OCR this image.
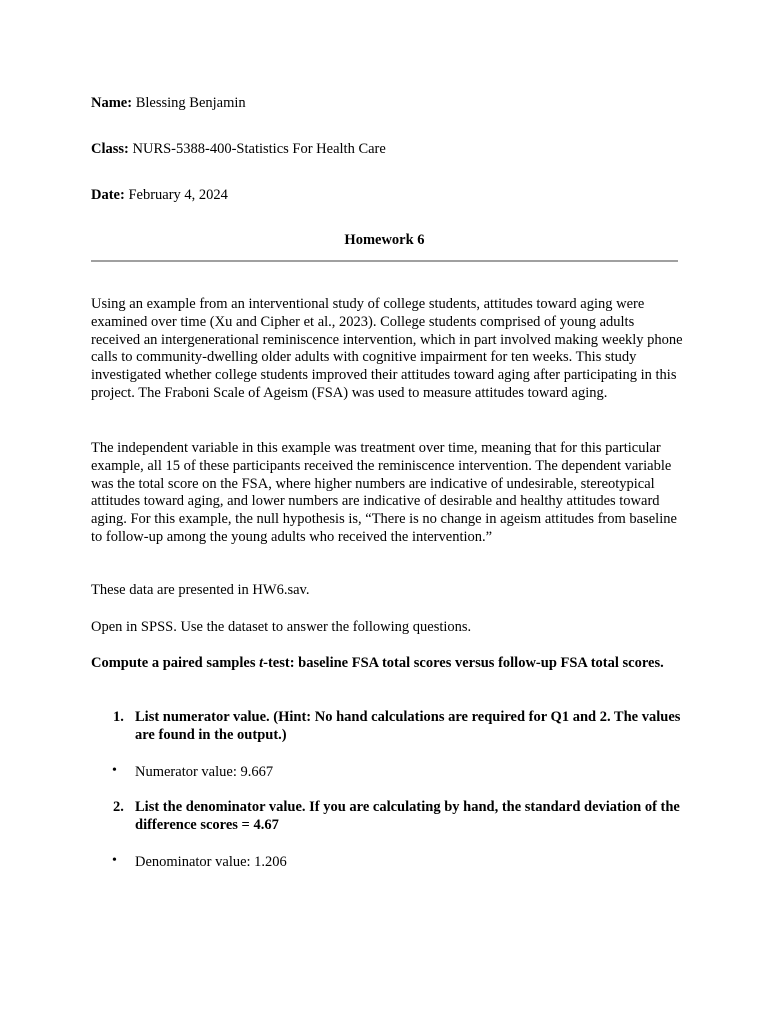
Name: Blessing Benjamin
Class: NURS-5388-400-Statistics For Health Care
Date: February 4, 2024
Homework 6

Using an example from an interventional study of college students, attitudes toward aging were examined over time (Xu and Cipher et al., 2023). College students comprised of young adults received an intergenerational reminiscence intervention, which in part involved making weekly phone calls to community-dwelling older adults with cognitive impairment for ten weeks. This study investigated whether college students improved their attitudes toward aging after participating in this project. The Fraboni Scale of Ageism (FSA) was used to measure attitudes toward aging.

The independent variable in this example was treatment over time, meaning that for this particular example, all 15 of these participants received the reminiscence intervention. The dependent variable was the total score on the FSA, where higher numbers are indicative of undesirable, stereotypical attitudes toward aging, and lower numbers are indicative of desirable and healthy attitudes toward aging. For this example, the null hypothesis is, “There is no change in ageism attitudes from baseline to follow-up among the young adults who received the intervention.”

These data are presented in HW6.sav.

Open in SPSS. Use the dataset to answer the following questions.

Compute a paired samples t-test: baseline FSA total scores versus follow-up FSA total scores.

1. List numerator value. (Hint: No hand calculations are required for Q1 and 2. The values are found in the output.)
• Numerator value: 9.667
2. List the denominator value. If you are calculating by hand, the standard deviation of the difference scores = 4.67
• Denominator value: 1.206
